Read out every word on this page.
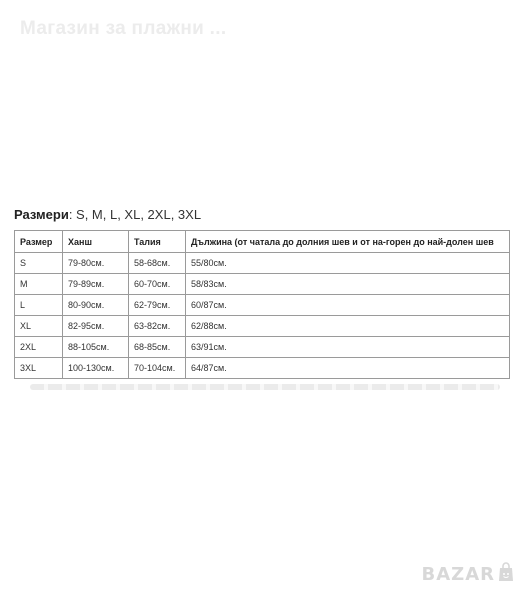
Магазин за плажни ...
Размери: S, M, L, XL, 2XL, 3XL
Размер	Ханш	Талия	Дължина (от чатала до долния шев и от на-горен до най-долен шев
S	79-80см.	58-68см.	55/80см.
M	79-89см.	60-70см.	58/83см.
L	80-90см.	62-79см.	60/87см.
XL	82-95см.	63-82см.	62/88см.
2XL	88-105см.	68-85см.	63/91см.
3XL	100-130см.	70-104см.	64/87см.
BAZAR
